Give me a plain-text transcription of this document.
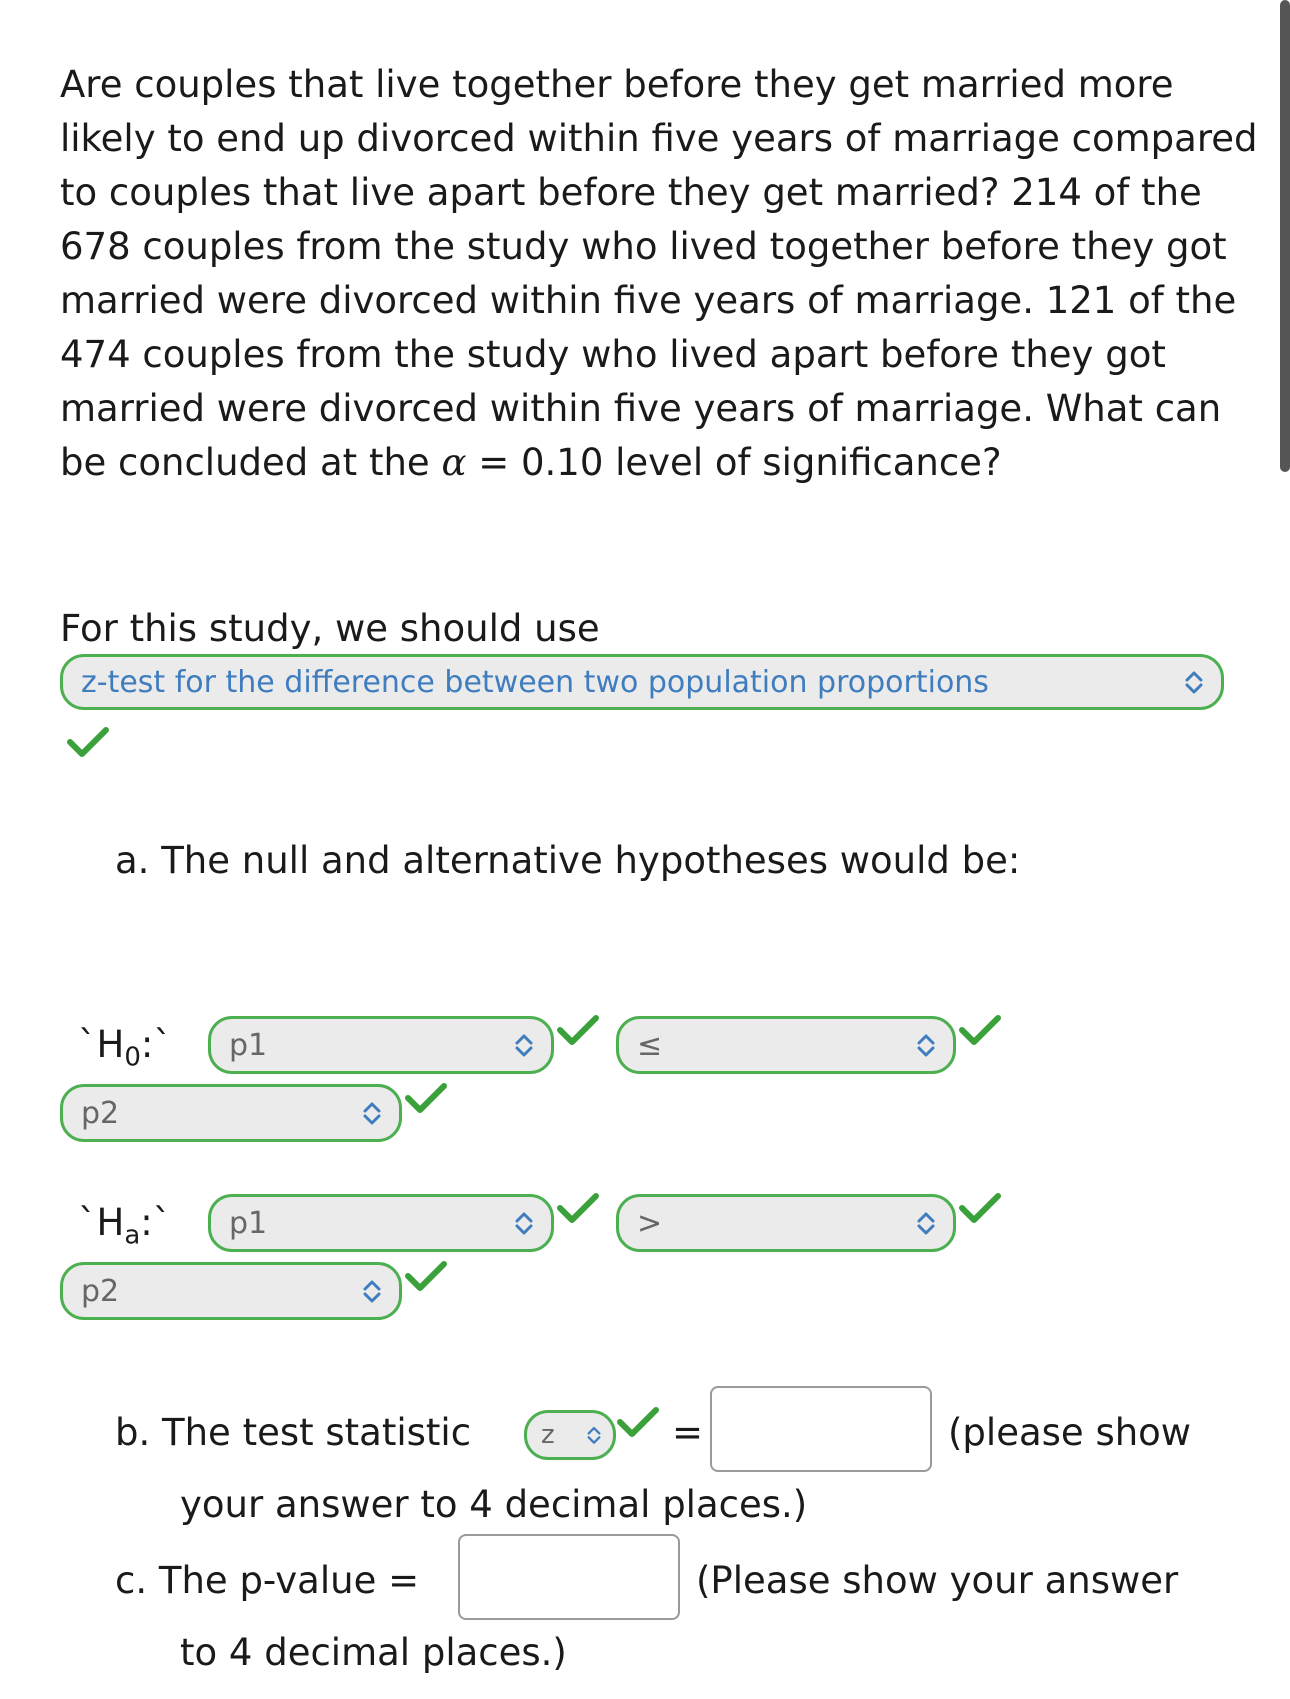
Are couples that live together before they get married more likely to end up divorced within five years of marriage compared to couples that live apart before they get married? 214 of the 678 couples from the study who lived together before they got married were divorced within five years of marriage. 121 of the 474 couples from the study who lived apart before they got married were divorced within five years of marriage. What can be concluded at the α = 0.10 level of significance?

For this study, we should use
z-test for the difference between two population proportions
a. The null and alternative hypotheses would be:
$`H_0:`$ p1	≤
p2
$`H_a:`$ p1	>
p2
b. The test statistic	z	=	(please show
your answer to 4 decimal places.)
c. The p-value =	(Please show your answer
to 4 decimal places.)
